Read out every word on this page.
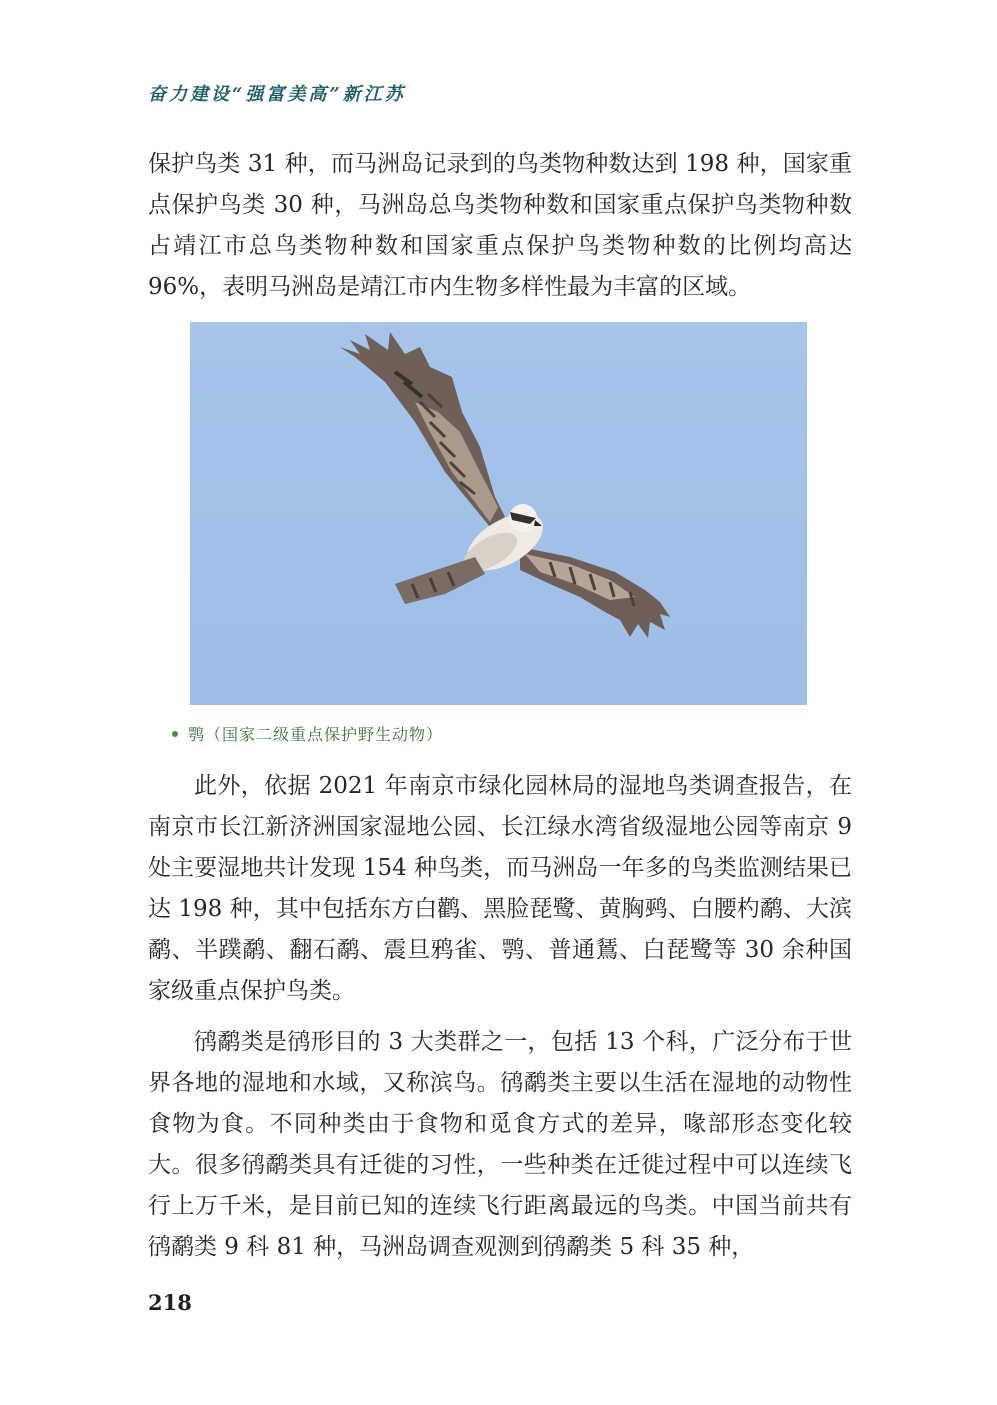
奋力建设“强富美高”新江苏

保护鸟类 31 种，而马洲岛记录到的鸟类物种数达到 198 种，国家重点保护鸟类 30 种，马洲岛总鸟类物种数和国家重点保护鸟类物种数占靖江市总鸟类物种数和国家重点保护鸟类物种数的比例均高达 96%，表明马洲岛是靖江市内生物多样性最为丰富的区域。

鹗（国家二级重点保护野生动物）

此外，依据 2021 年南京市绿化园林局的湿地鸟类调查报告，在南京市长江新济洲国家湿地公园、长江绿水湾省级湿地公园等南京 9 处主要湿地共计发现 154 种鸟类，而马洲岛一年多的鸟类监测结果已达 198 种，其中包括东方白鹳、黑脸琵鹭、黄胸鹀、白腰杓鹬、大滨鹬、半蹼鹬、翻石鹬、震旦鸦雀、鹗、普通鵟、白琵鹭等 30 余种国家级重点保护鸟类。

鸻鹬类是鸻形目的 3 大类群之一，包括 13 个科，广泛分布于世界各地的湿地和水域，又称滨鸟。鸻鹬类主要以生活在湿地的动物性食物为食。不同种类由于食物和觅食方式的差异，喙部形态变化较大。很多鸻鹬类具有迁徙的习性，一些种类在迁徙过程中可以连续飞行上万千米，是目前已知的连续飞行距离最远的鸟类。中国当前共有鸻鹬类 9 科 81 种，马洲岛调查观测到鸻鹬类 5 科 35 种，

218
